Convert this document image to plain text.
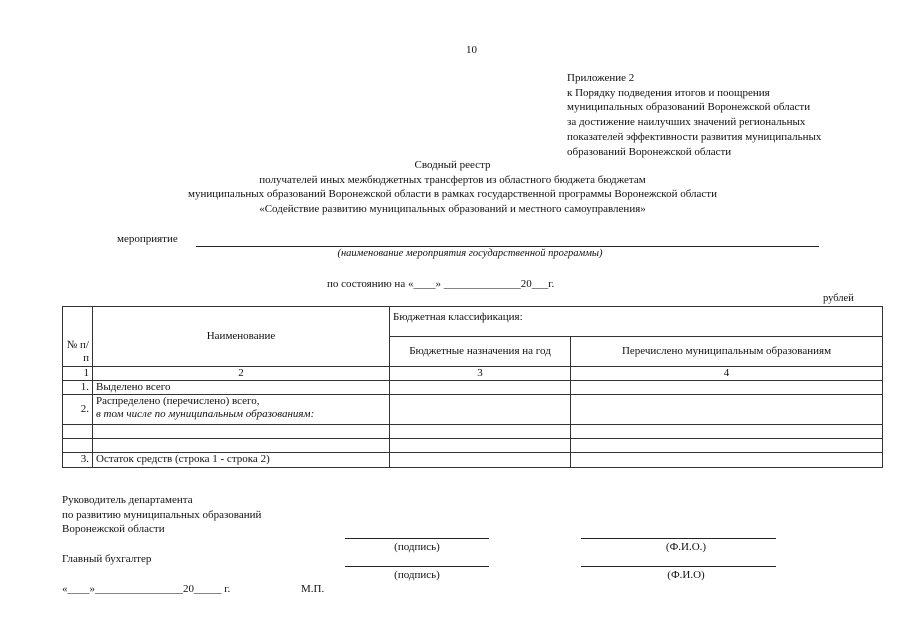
10
Приложение 2
к Порядку подведения итогов и поощрения
муниципальных образований Воронежской области
за достижение наилучших значений региональных
показателей эффективности развития муниципальных
образований Воронежской области
Сводный реестр
получателей иных межбюджетных трансфертов из областного бюджета бюджетам
муниципальных образований Воронежской области в рамках государственной программы Воронежской области
«Содействие развитию муниципальных образований и местного самоуправления»
мероприятие
(наименование мероприятия государственной программы)
по состоянию на «____» ______________20___г.
рублей
№ п/п	Наименование	Бюджетная классификация:	
		Бюджетные назначения на год	Перечислено муниципальным образованиям
1	2	3	4
1.	Выделено всего		
2.	Распределено (перечислено) всего,
в том числе по муниципальным образованиям:		

3.	Остаток средств (строка 1 - строка 2)		
Руководитель департамента
по развитию муниципальных образований
Воронежской области
(подпись)	(Ф.И.О.)
Главный бухгалтер
(подпись)	(Ф.И.О)
«____»________________20_____ г.	М.П.
